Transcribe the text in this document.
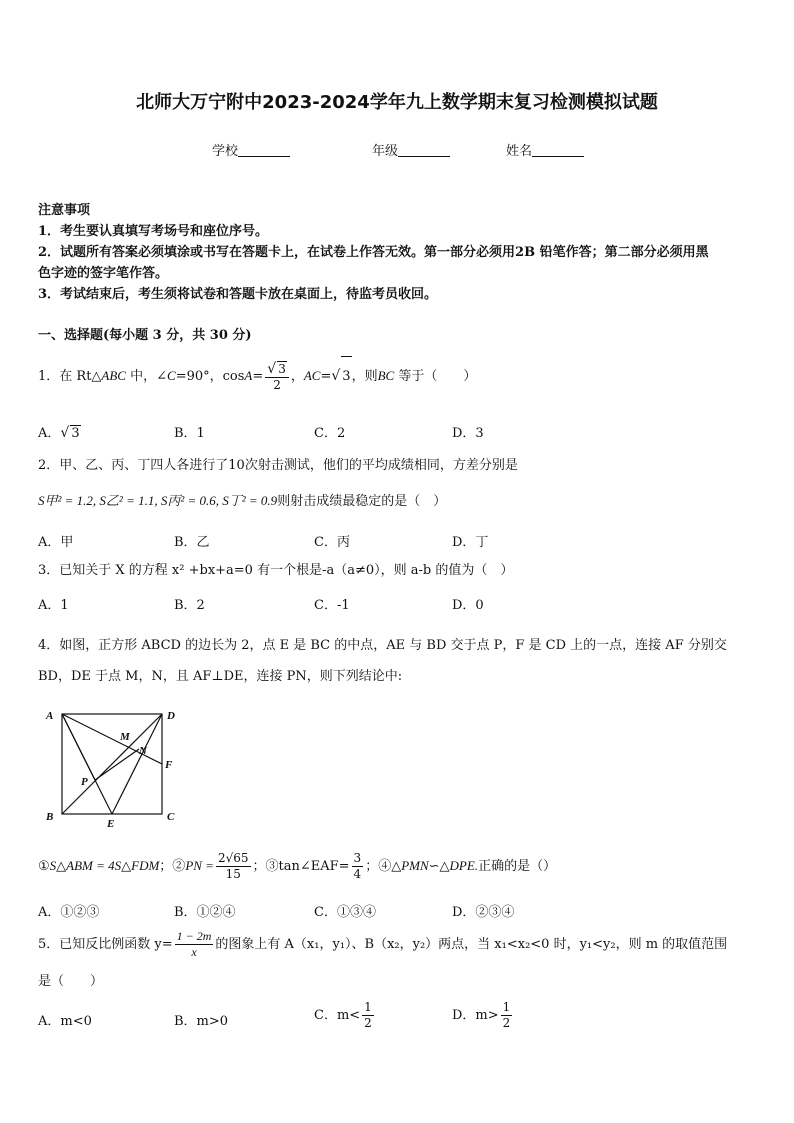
北师大万宁附中2023-2024学年九上数学期末复习检测模拟试题
学校	年级	姓名
注意事项
1．考生要认真填写考场号和座位序号。
2．试题所有答案必须填涂或书写在答题卡上，在试卷上作答无效。第一部分必须用2B 铅笔作答；第二部分必须用黑
色字迹的签字笔作答。
3．考试结束后，考生须将试卷和答题卡放在桌面上，待监考员收回。
一、选择题(每小题 3 分，共 30 分)
1．在 Rt△ABC 中，∠C=90°，$\cos A= \frac{√ 3}{2}$ ，AC=√ 3，则BC 等于（　　）
A．√ 3	B．1	C．2	D．3
2．甲、乙、丙、丁四人各进行了10次射击测试，他们的平均成绩相同，方差分别是
S甲² = 1.2, S乙² = 1.1, S丙² = 0.6, S丁² = 0.9则射击成绩最稳定的是（　）
A．甲	B．乙	C．丙	D．丁
3．已知关于 X 的方程 x² +bx+a=0 有一个根是-a（a≠0），则 a-b 的值为（　）
A．1	B．2	C．-1	D．0
4．如图，正方形 ABCD 的边长为 2，点 E 是 BC 的中点，AE 与 BD 交于点 P，F 是 CD 上的一点，连接 AF 分别交
BD，DE 于点 M，N，且 AF⊥DE，连接 PN，则下列结论中:
A	D
B	C
E
F
M
N
P
①S△ABM = 4S△FDM；②PN = $\frac{2√65}{15}$ ；③tan∠EAF= $\frac{3}{4}$ ；④△PMN∽△DPE.正确的是（）
A．①②③	B．①②④	C．①③④	D．②③④
5．已知反比例函数 $y= \frac{1 - 2m}{x}$ 的图象上有 A（x₁，y₁）、B（x₂，y₂）两点，当 x₁<x₂<0 时，y₁<y₂，则 m 的取值范围
是（　　）
A．m<0	B．m>0	C．$m< \frac{1}{2}$	D．$m> \frac{1}{2}$
